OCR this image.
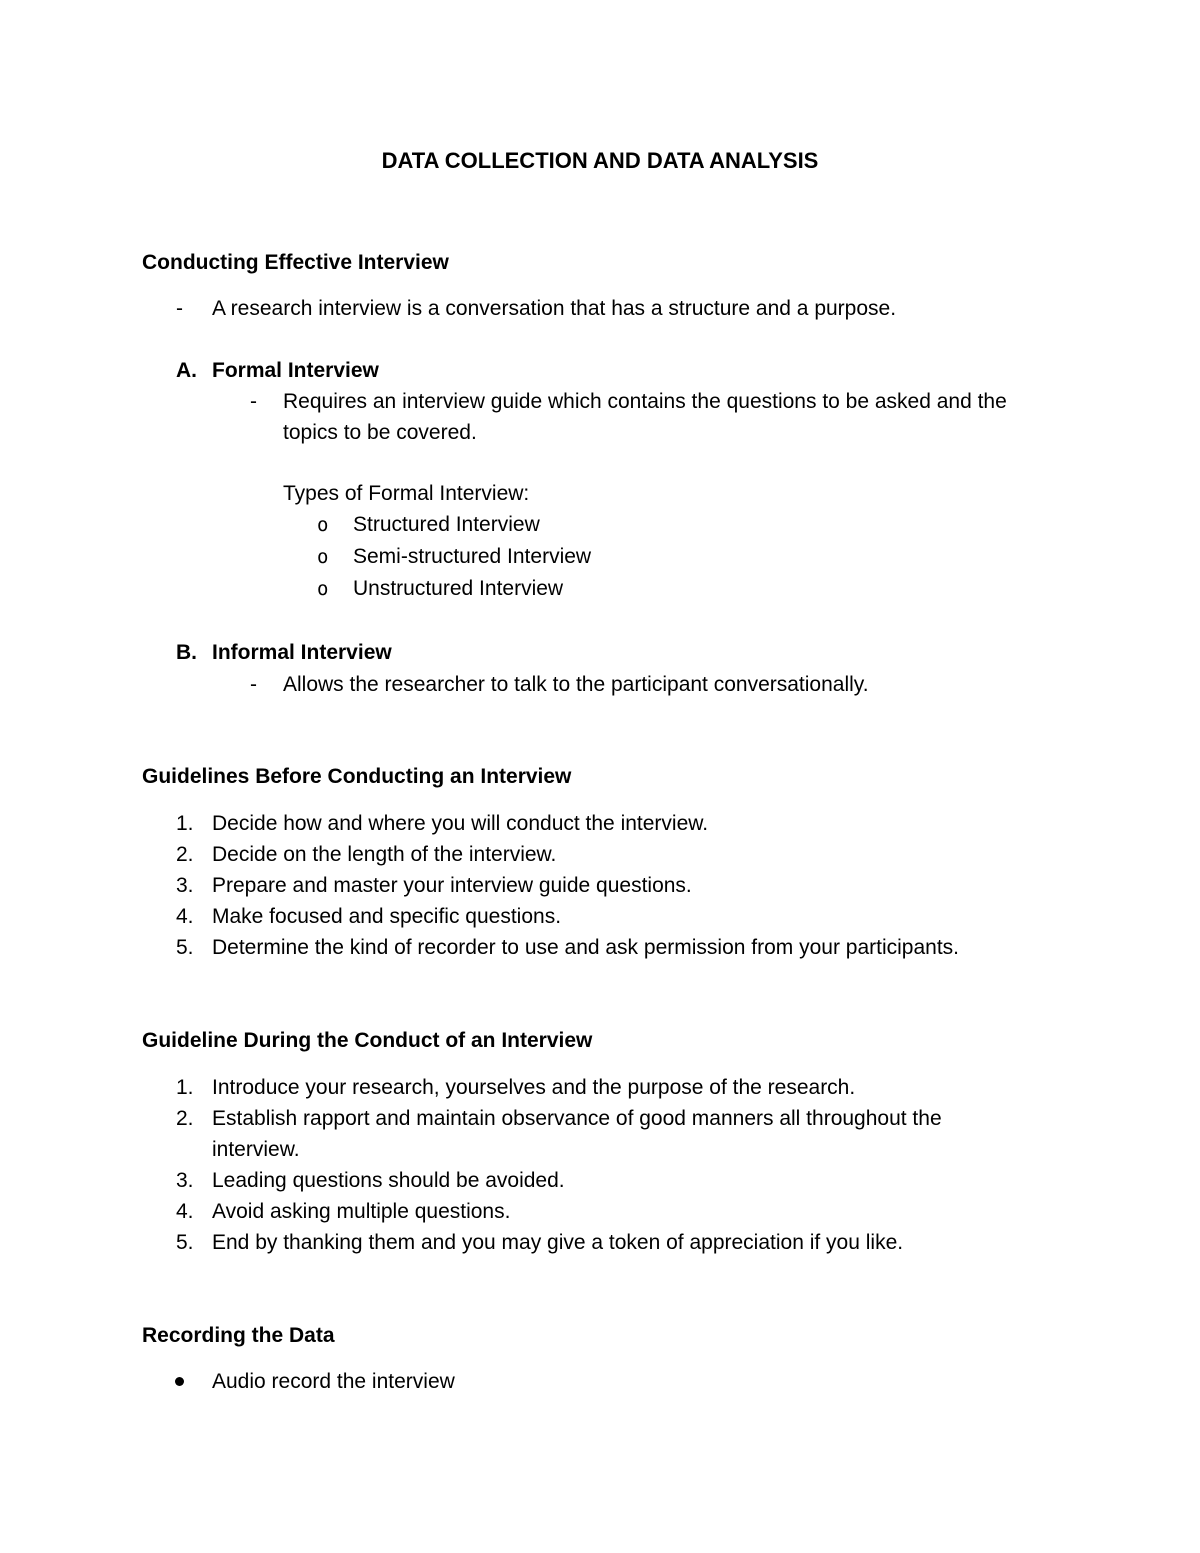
DATA COLLECTION AND DATA ANALYSIS
Conducting Effective Interview
- A research interview is a conversation that has a structure and a purpose.
A. Formal Interview
- Requires an interview guide which contains the questions to be asked and the
topics to be covered.
Types of Formal Interview:
o Structured Interview
o Semi-structured Interview
o Unstructured Interview
B. Informal Interview
- Allows the researcher to talk to the participant conversationally.
Guidelines Before Conducting an Interview
1. Decide how and where you will conduct the interview.
2. Decide on the length of the interview.
3. Prepare and master your interview guide questions.
4. Make focused and specific questions.
5. Determine the kind of recorder to use and ask permission from your participants.
Guideline During the Conduct of an Interview
1. Introduce your research, yourselves and the purpose of the research.
2. Establish rapport and maintain observance of good manners all throughout the
interview.
3. Leading questions should be avoided.
4. Avoid asking multiple questions.
5. End by thanking them and you may give a token of appreciation if you like.
Recording the Data
Audio record the interview
